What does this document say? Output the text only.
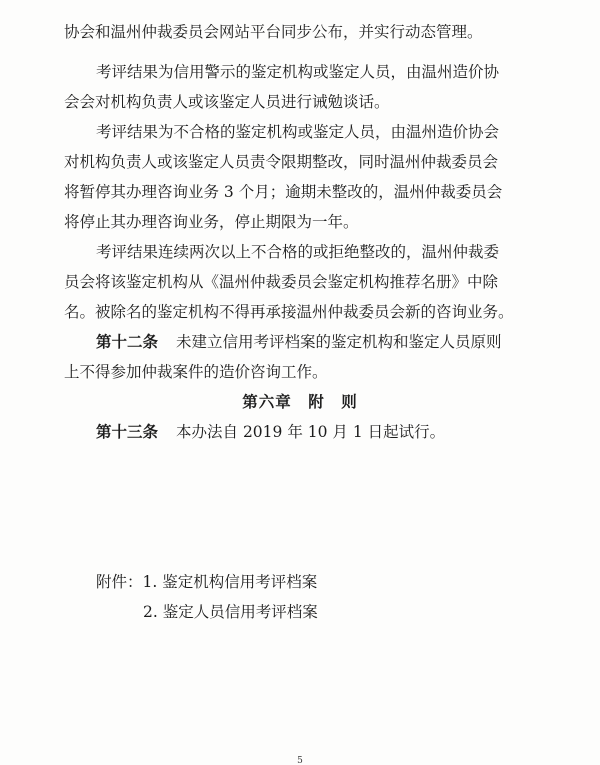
协会和温州仲裁委员会网站平台同步公布，并实行动态管理。
考评结果为信用警示的鉴定机构或鉴定人员，由温州造价协
会会对机构负责人或该鉴定人员进行诫勉谈话。
考评结果为不合格的鉴定机构或鉴定人员，由温州造价协会
对机构负责人或该鉴定人员责令限期整改，同时温州仲裁委员会
将暂停其办理咨询业务 3 个月；逾期未整改的，温州仲裁委员会
将停止其办理咨询业务，停止期限为一年。
考评结果连续两次以上不合格的或拒绝整改的，温州仲裁委
员会将该鉴定机构从《温州仲裁委员会鉴定机构推荐名册》中除
名。被除名的鉴定机构不得再承接温州仲裁委员会新的咨询业务。
第十二条 未建立信用考评档案的鉴定机构和鉴定人员原则
上不得参加仲裁案件的造价咨询工作。
第六章　附　则
第十三条 本办法自 2019 年 10 月 1 日起试行。
附件：1. 鉴定机构信用考评档案
2. 鉴定人员信用考评档案
5
